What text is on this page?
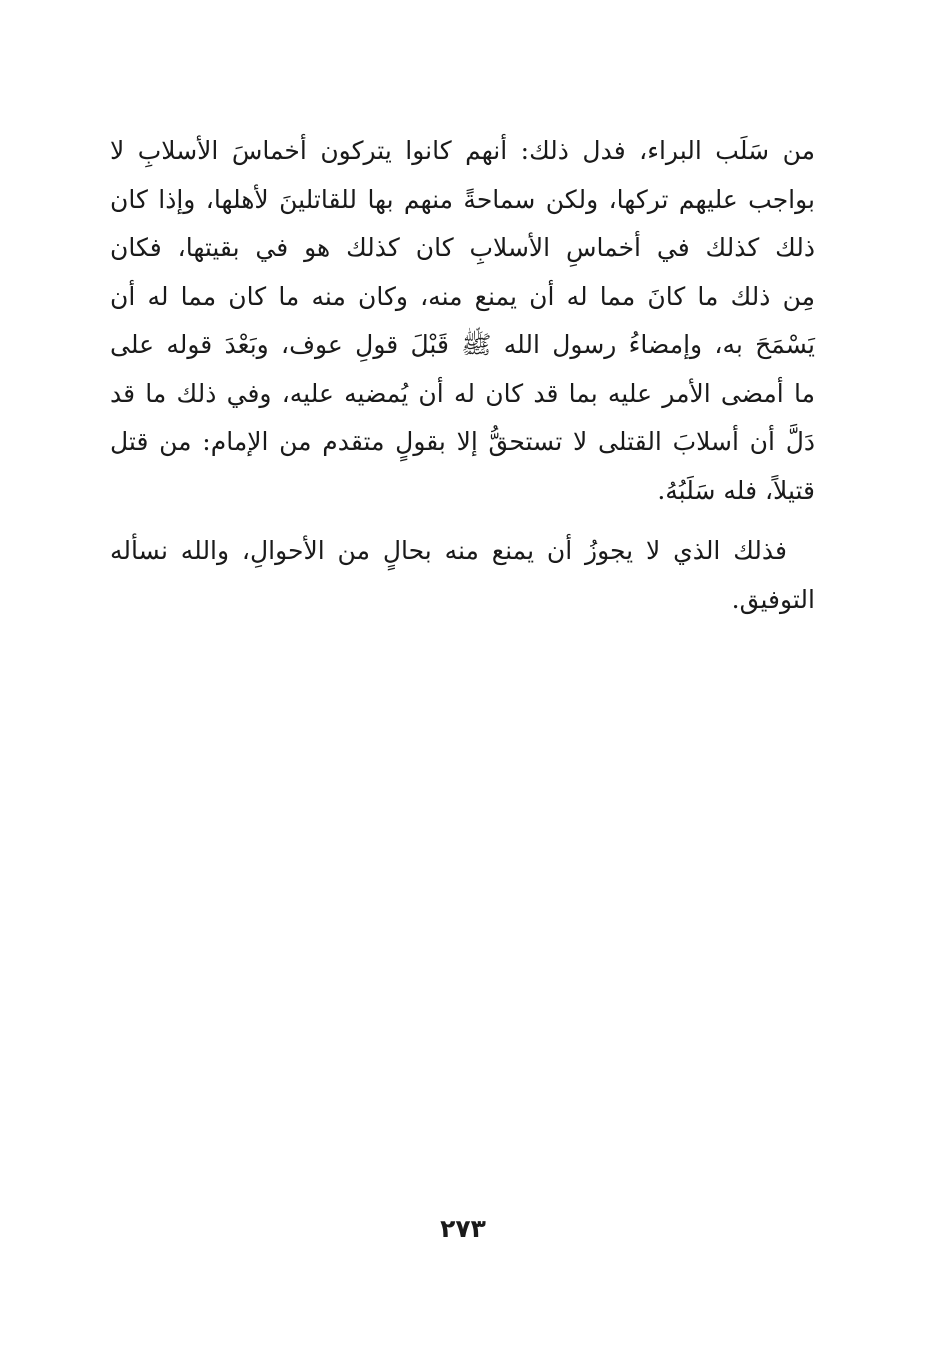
من سَلَب البراء، فدل ذلك: أنهم كانوا يتركون أخماسَ الأسلابِ لا
بواجب عليهم تركها، ولكن سماحةً منهم بها للقاتلينَ لأهلها، وإذا كان
ذلك كذلك في أخماسِ الأسلابِ كان كذلك هو في بقيتها، فكان
مِن ذلك ما كانَ مما له أن يمنع منه، وكان منه ما كان مما له أن
يَسْمَحَ به، وإمضاءُ رسول الله ﷺ قَبْلَ قولِ عوف، وبَعْدَ قوله على
ما أمضى الأمر عليه بما قد كان له أن يُمضيه عليه، وفي ذلك ما قد
دَلَّ أن أسلابَ القتلى لا تستحقُّ إلا بقولٍ متقدم من الإمام: من قتل
قتيلاً، فله سَلَبُهُ.
فذلك الذي لا يجوزُ أن يمنع منه بحالٍ من الأحوالِ، والله نسأله
التوفيق.
٢٧٣
